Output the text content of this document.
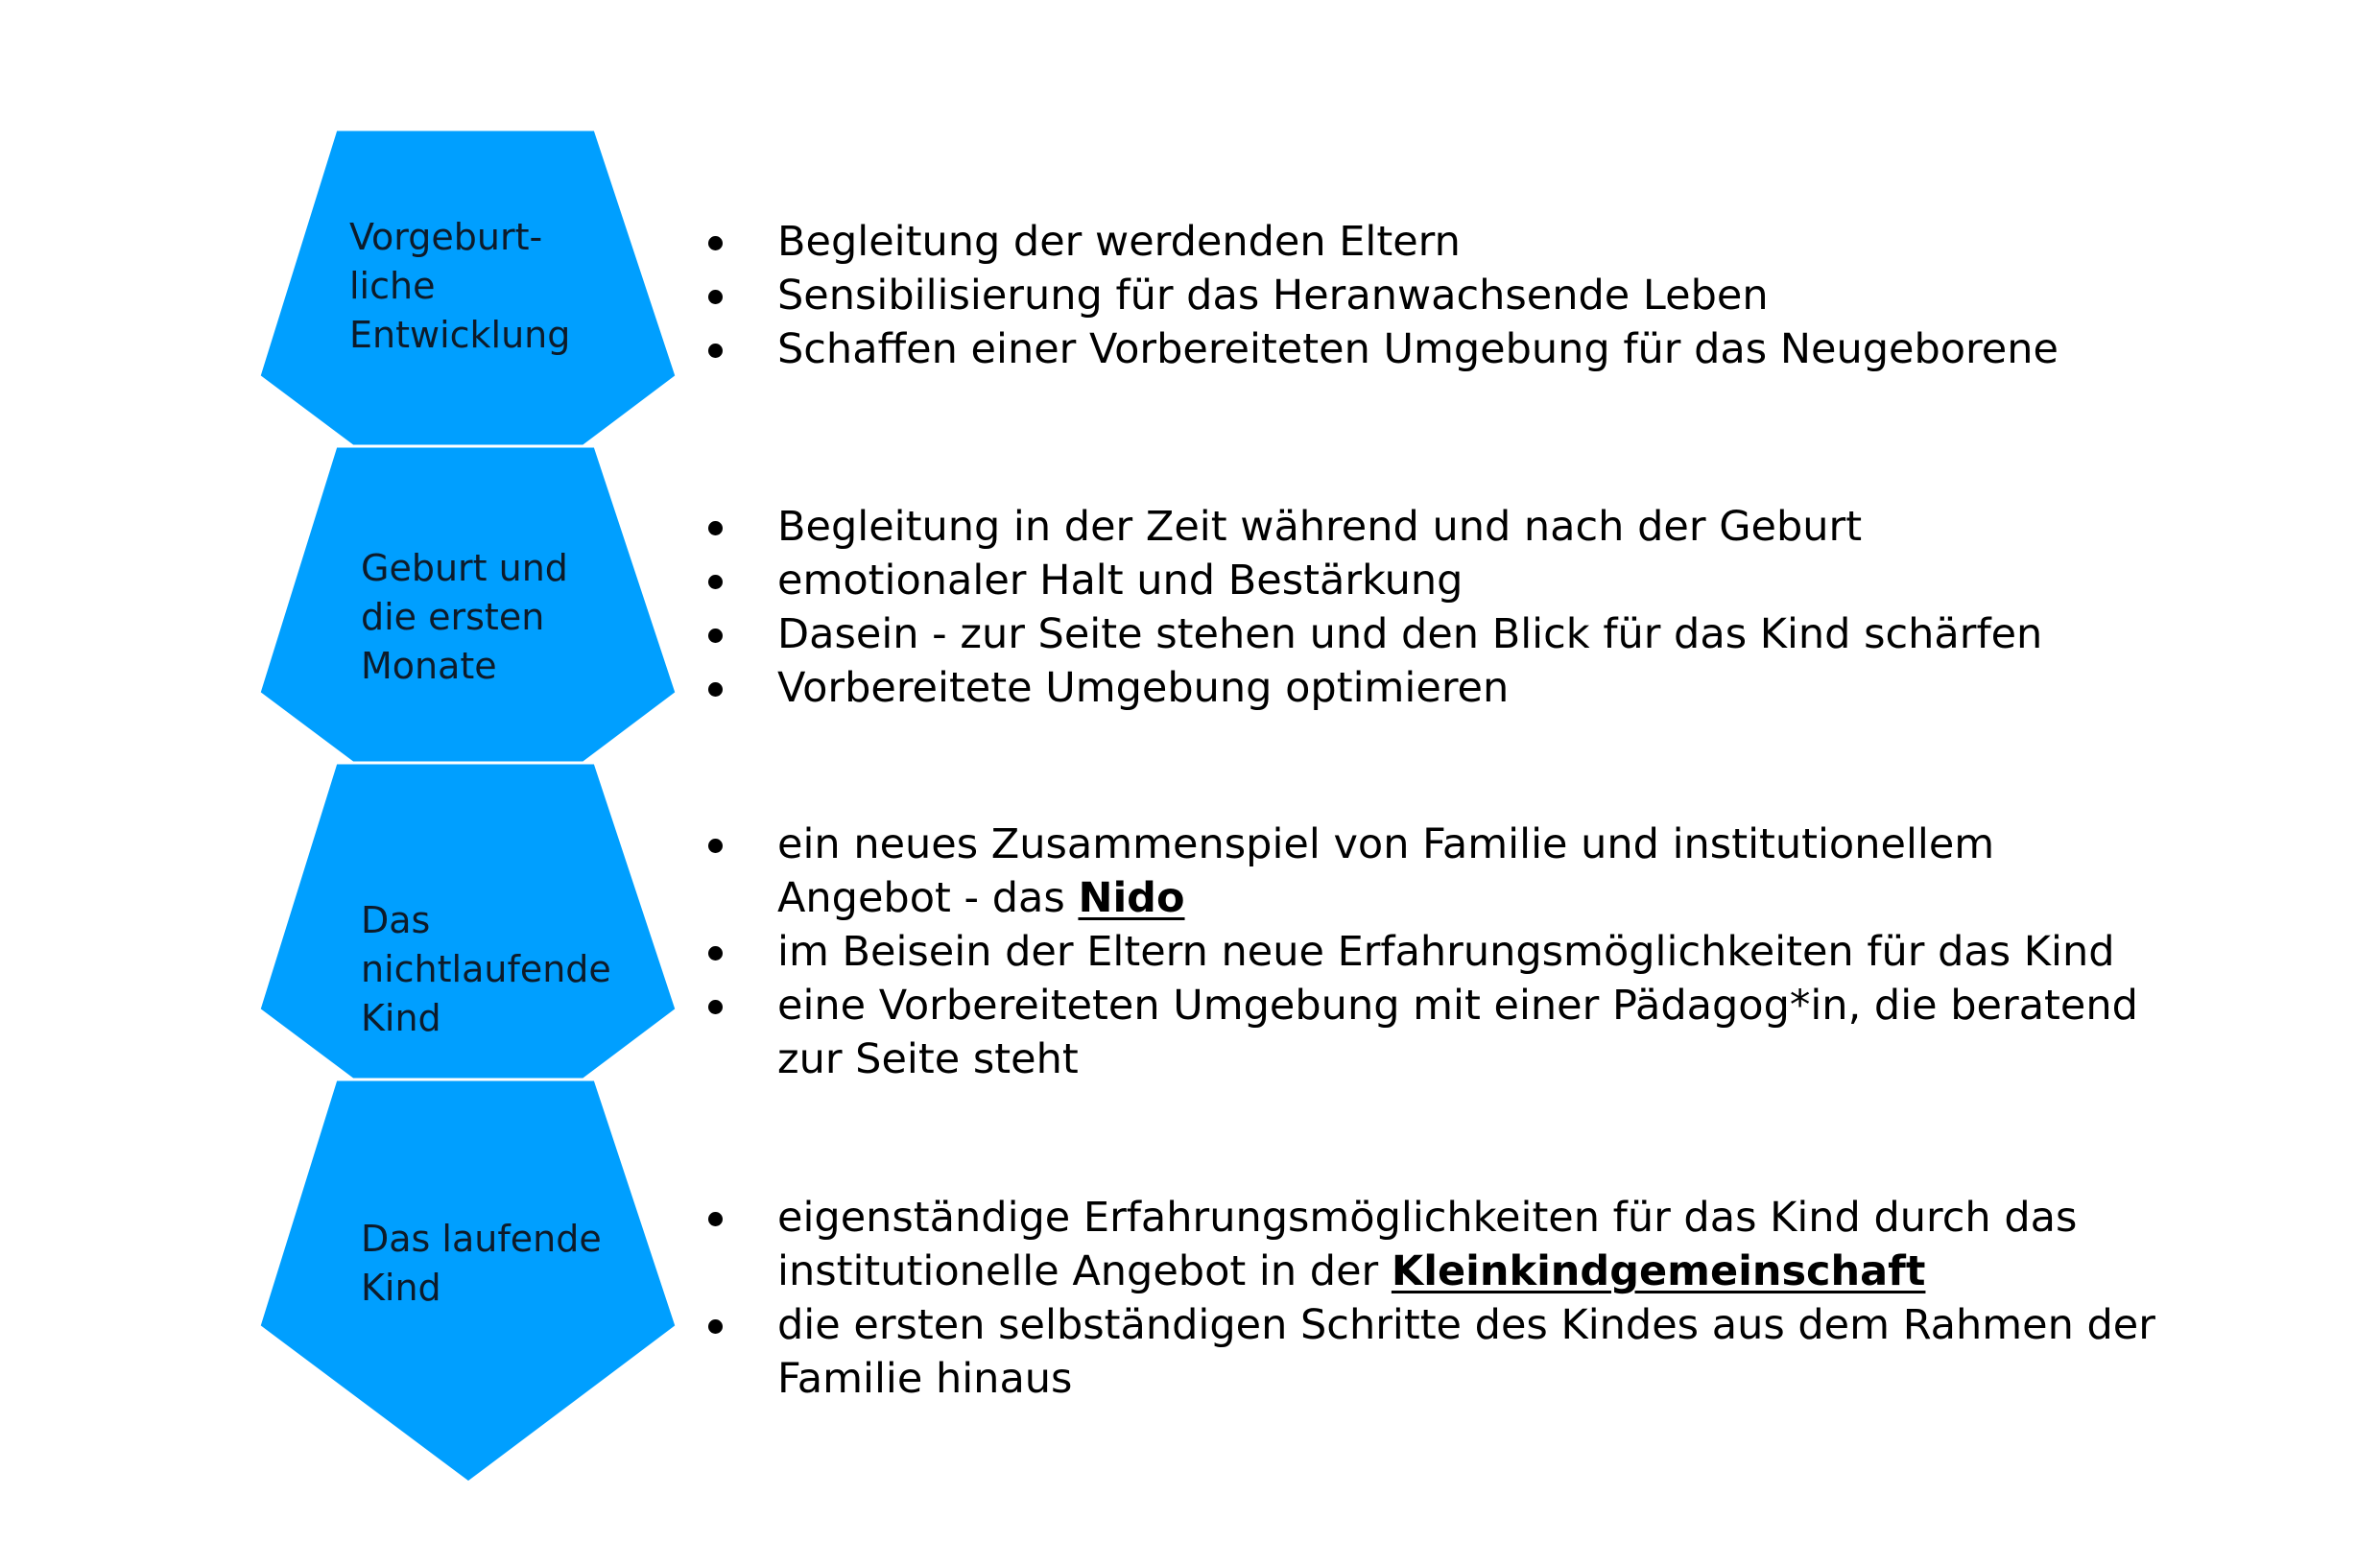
Vorgeburt-
liche
Entwicklung
Begleitung der werdenden Eltern
Sensibilisierung für das Heranwachsende Leben
Schaffen einer Vorbereiteten Umgebung für das Neugeborene
Geburt und
die ersten
Monate
Begleitung in der Zeit während und nach der Geburt
emotionaler Halt und Bestärkung
Dasein - zur Seite stehen und den Blick für das Kind schärfen
Vorbereitete Umgebung optimieren
Das
nichtlaufende
Kind
ein neues Zusammenspiel von Familie und institutionellem Angebot - das Nido
im Beisein der Eltern neue Erfahrungsmöglichkeiten für das Kind
eine Vorbereiteten Umgebung mit einer Pädagog*in, die beratend zur Seite steht
Das laufende
Kind
eigenständige Erfahrungsmöglichkeiten für das Kind durch das institutionelle Angebot in der Kleinkindgemeinschaft
die ersten selbständigen Schritte des Kindes aus dem Rahmen der Familie hinaus
